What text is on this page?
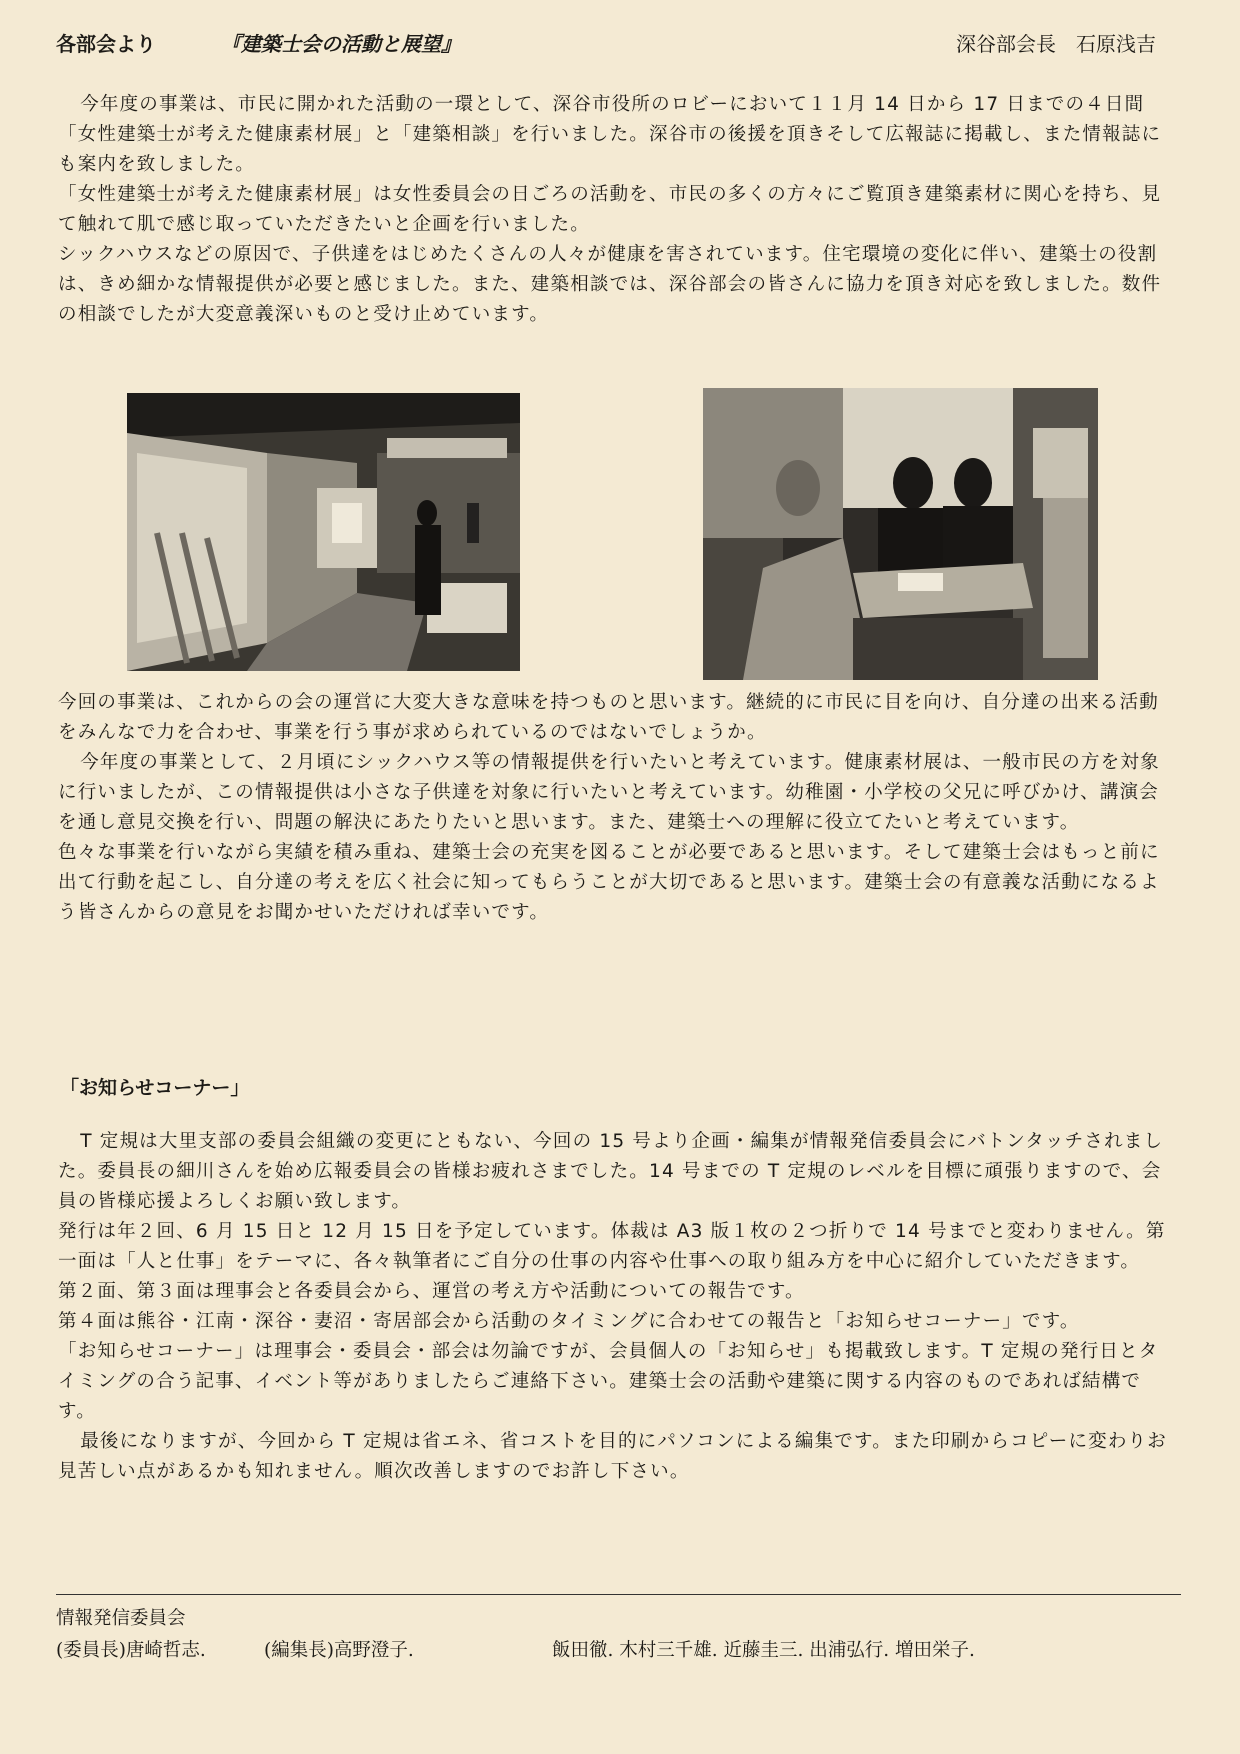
各部会より	『建築士会の活動と展望』	深谷部会長　石原浅吉

今年度の事業は、市民に開かれた活動の一環として、深谷市役所のロビーにおいて１１月 14 日から 17 日までの４日間「女性建築士が考えた健康素材展」と「建築相談」を行いました。深谷市の後援を頂きそして広報誌に掲載し、また情報誌にも案内を致しました。

「女性建築士が考えた健康素材展」は女性委員会の日ごろの活動を、市民の多くの方々にご覧頂き建築素材に関心を持ち、見て触れて肌で感じ取っていただきたいと企画を行いました。

シックハウスなどの原因で、子供達をはじめたくさんの人々が健康を害されています。住宅環境の変化に伴い、建築士の役割は、きめ細かな情報提供が必要と感じました。また、建築相談では、深谷部会の皆さんに協力を頂き対応を致しました。数件の相談でしたが大変意義深いものと受け止めています。

今回の事業は、これからの会の運営に大変大きな意味を持つものと思います。継続的に市民に目を向け、自分達の出来る活動をみんなで力を合わせ、事業を行う事が求められているのではないでしょうか。

今年度の事業として、２月頃にシックハウス等の情報提供を行いたいと考えています。健康素材展は、一般市民の方を対象に行いましたが、この情報提供は小さな子供達を対象に行いたいと考えています。幼稚園・小学校の父兄に呼びかけ、講演会を通し意見交換を行い、問題の解決にあたりたいと思います。また、建築士への理解に役立てたいと考えています。

色々な事業を行いながら実績を積み重ね、建築士会の充実を図ることが必要であると思います。そして建築士会はもっと前に出て行動を起こし、自分達の考えを広く社会に知ってもらうことが大切であると思います。建築士会の有意義な活動になるよう皆さんからの意見をお聞かせいただければ幸いです。

「お知らせコーナー」

T 定規は大里支部の委員会組織の変更にともない、今回の 15 号より企画・編集が情報発信委員会にバトンタッチされました。委員長の細川さんを始め広報委員会の皆様お疲れさまでした。14 号までの T 定規のレベルを目標に頑張りますので、会員の皆様応援よろしくお願い致します。

発行は年２回、6 月 15 日と 12 月 15 日を予定しています。体裁は A3 版１枚の２つ折りで 14 号までと変わりません。第一面は「人と仕事」をテーマに、各々執筆者にご自分の仕事の内容や仕事への取り組み方を中心に紹介していただきます。

第２面、第３面は理事会と各委員会から、運営の考え方や活動についての報告です。

第４面は熊谷・江南・深谷・妻沼・寄居部会から活動のタイミングに合わせての報告と「お知らせコーナー」です。

「お知らせコーナー」は理事会・委員会・部会は勿論ですが、会員個人の「お知らせ」も掲載致します。T 定規の発行日とタイミングの合う記事、イベント等がありましたらご連絡下さい。建築士会の活動や建築に関する内容のものであれば結構です。

最後になりますが、今回から T 定規は省エネ、省コストを目的にパソコンによる編集です。また印刷からコピーに変わりお見苦しい点があるかも知れません。順次改善しますのでお許し下さい。

情報発信委員会
(委員長)唐崎哲志.	(編集長)高野澄子.	飯田徹. 木村三千雄. 近藤圭三. 出浦弘行. 増田栄子.
